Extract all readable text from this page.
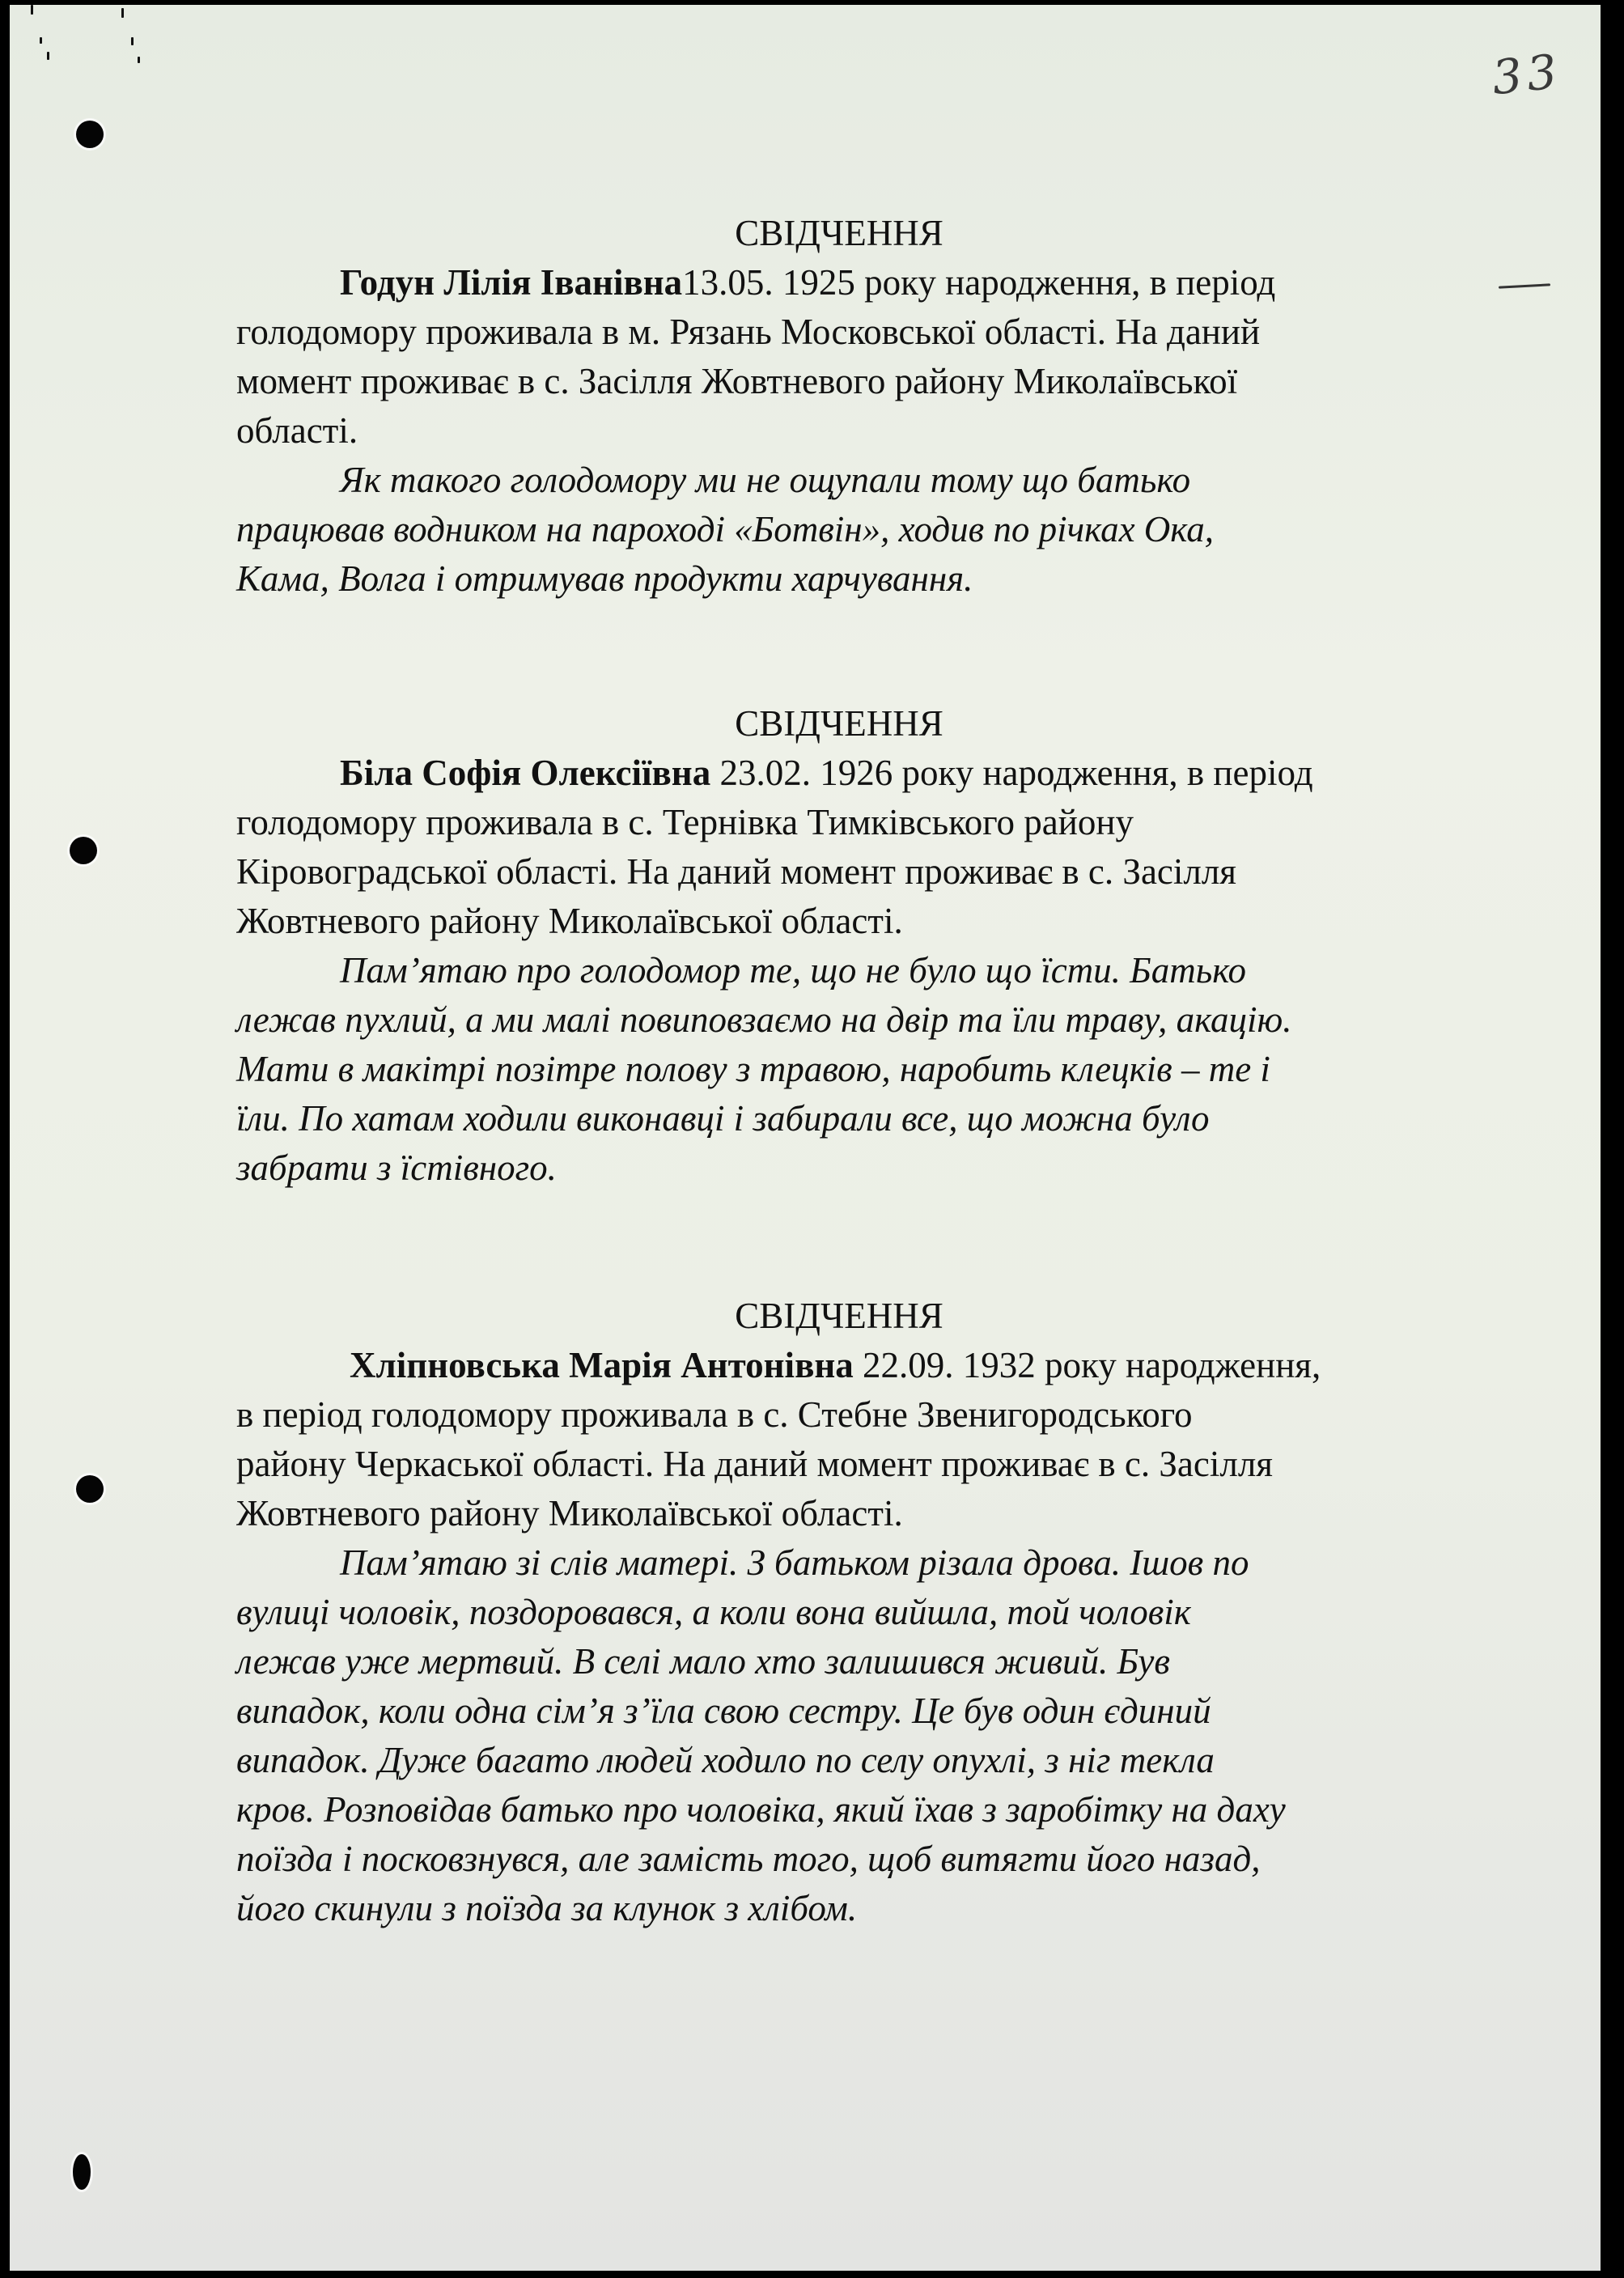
33
СВІДЧЕННЯ
Годун Лілія Іванівна13.05. 1925 року народження, в період
голодомору проживала в м. Рязань Московської області. На даний
момент проживає в с. Засілля Жовтневого району Миколаївської
області.
Як такого голодомору ми не ощупали тому що батько
працював водником на пароході «Ботвін», ходив по річках Ока,
Кама, Волга і отримував продукти харчування.
СВІДЧЕННЯ
Біла Софія Олексіївна 23.02. 1926 року народження, в період
голодомору проживала в с. Тернівка Тимківського району
Кіровоградської області. На даний момент проживає в с. Засілля
Жовтневого району Миколаївської області.
Пам’ятаю про голодомор те, що не було що їсти. Батько
лежав пухлий, а ми малі повиповзаємо на двір та їли траву, акацію.
Мати в макітрі позітре полову з травою, наробить клецків – те і
їли. По хатам ходили виконавці і забирали все, що можна було
забрати з їстівного.
СВІДЧЕННЯ
Хліпновська Марія Антонівна 22.09. 1932 року народження,
в період голодомору проживала в с. Стебне Звенигородського
району Черкаської області. На даний момент проживає в с. Засілля
Жовтневого району Миколаївської області.
Пам’ятаю зі слів матері. З батьком різала дрова. Ішов по
вулиці чоловік, поздоровався, а коли вона вийшла, той чоловік
лежав уже мертвий. В селі мало хто залишився живий. Був
випадок, коли одна сім’я з’їла свою сестру. Це був один єдиний
випадок. Дуже багато людей ходило по селу опухлі, з ніг текла
кров. Розповідав батько про чоловіка, який їхав з заробітку на даху
поїзда і посковзнувся, але замість того, щоб витягти його назад,
його скинули з поїзда за клунок з хлібом.
